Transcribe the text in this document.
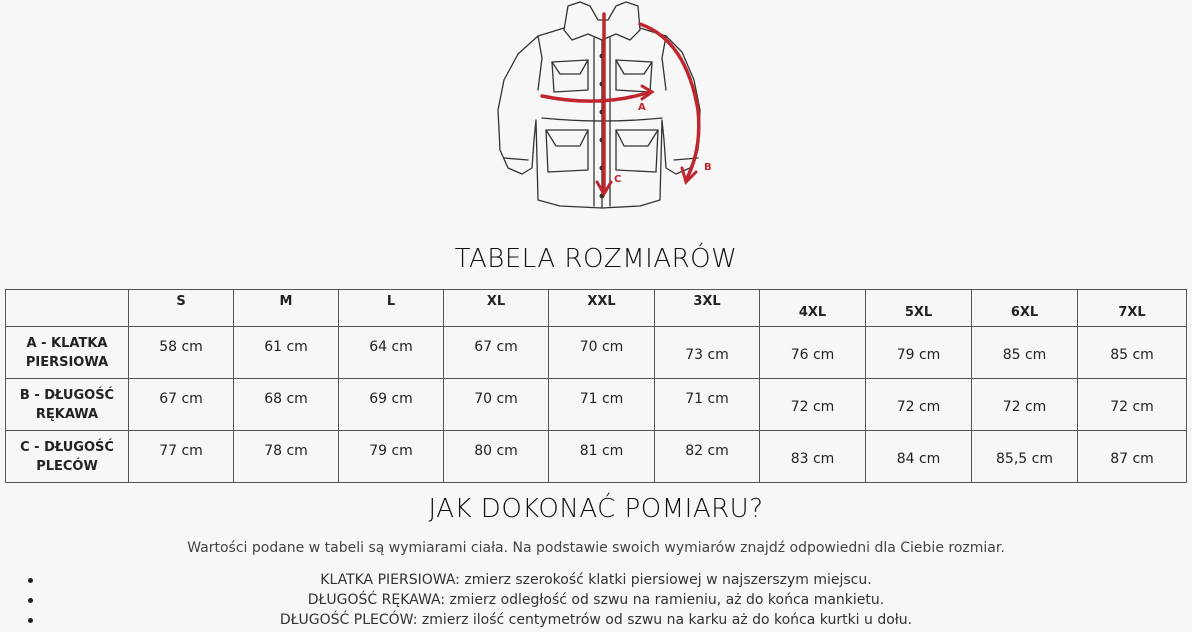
A
B
C
TABELA ROZMIARÓW
	S	M	L	XL	XXL	3XL	4XL	5XL	6XL	7XL

A - KLATKA
PIERSIOWA	58 cm	61 cm	64 cm	67 cm	70 cm	73 cm	76 cm	79 cm	85 cm	85 cm

B - DŁUGOŚĆ
RĘKAWA	67 cm	68 cm	69 cm	70 cm	71 cm	71 cm	72 cm	72 cm	72 cm	72 cm

C - DŁUGOŚĆ
PLECÓW	77 cm	78 cm	79 cm	80 cm	81 cm	82 cm	83 cm	84 cm	85,5 cm	87 cm
JAK DOKONAĆ POMIARU?
Wartości podane w tabeli są wymiarami ciała. Na podstawie swoich wymiarów znajdź odpowiedni dla Ciebie rozmiar.
KLATKA PIERSIOWA: zmierz szerokość klatki piersiowej w najszerszym miejscu.
DŁUGOŚĆ RĘKAWA: zmierz odległość od szwu na ramieniu, aż do końca mankietu.
DŁUGOŚĆ PLECÓW: zmierz ilość centymetrów od szwu na karku aż do końca kurtki u dołu.
